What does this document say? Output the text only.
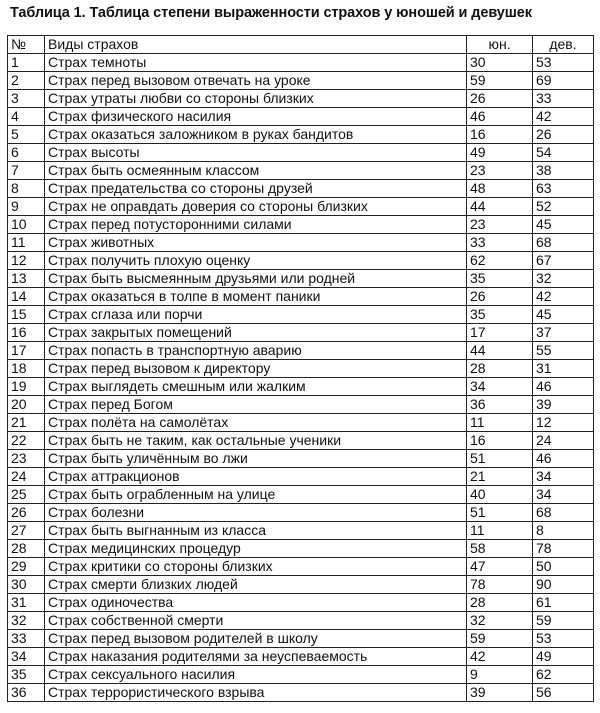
Таблица 1. Таблица степени выраженности страхов у юношей и девушек
№	Виды страхов	юн.	дев.
1	Страх темноты	30	53
2	Страх перед вызовом отвечать на уроке	59	69
3	Страх утраты любви со стороны близких	26	33
4	Страх физического насилия	46	42
5	Страх оказаться заложником в руках бандитов	16	26
6	Страх высоты	49	54
7	Страх быть осмеянным классом	23	38
8	Страх предательства со стороны друзей	48	63
9	Страх не оправдать доверия со стороны близких	44	52
10	Страх перед потусторонними силами	23	45
11	Страх животных	33	68
12	Страх получить плохую оценку	62	67
13	Страх быть высмеянным друзьями или родней	35	32
14	Страх оказаться в толпе в момент паники	26	42
15	Страх сглаза или порчи	35	45
16	Страх закрытых помещений	17	37
17	Страх попасть в транспортную аварию	44	55
18	Страх перед вызовом к директору	28	31
19	Страх выглядеть смешным или жалким	34	46
20	Страх перед Богом	36	39
21	Страх полёта на самолётах	11	12
22	Страх быть не таким, как остальные ученики	16	24
23	Страх быть уличённым во лжи	51	46
24	Страх аттракционов	21	34
25	Страх быть ограбленным на улице	40	34
26	Страх болезни	51	68
27	Страх быть выгнанным из класса	11	8
28	Страх медицинских процедур	58	78
29	Страх критики со стороны близких	47	50
30	Страх смерти близких людей	78	90
31	Страх одиночества	28	61
32	Страх собственной смерти	32	59
33	Страх перед вызовом родителей в школу	59	53
34	Страх наказания родителями за неуспеваемость	42	49
35	Страх сексуального насилия	9	62
36	Страх террористического взрыва	39	56
